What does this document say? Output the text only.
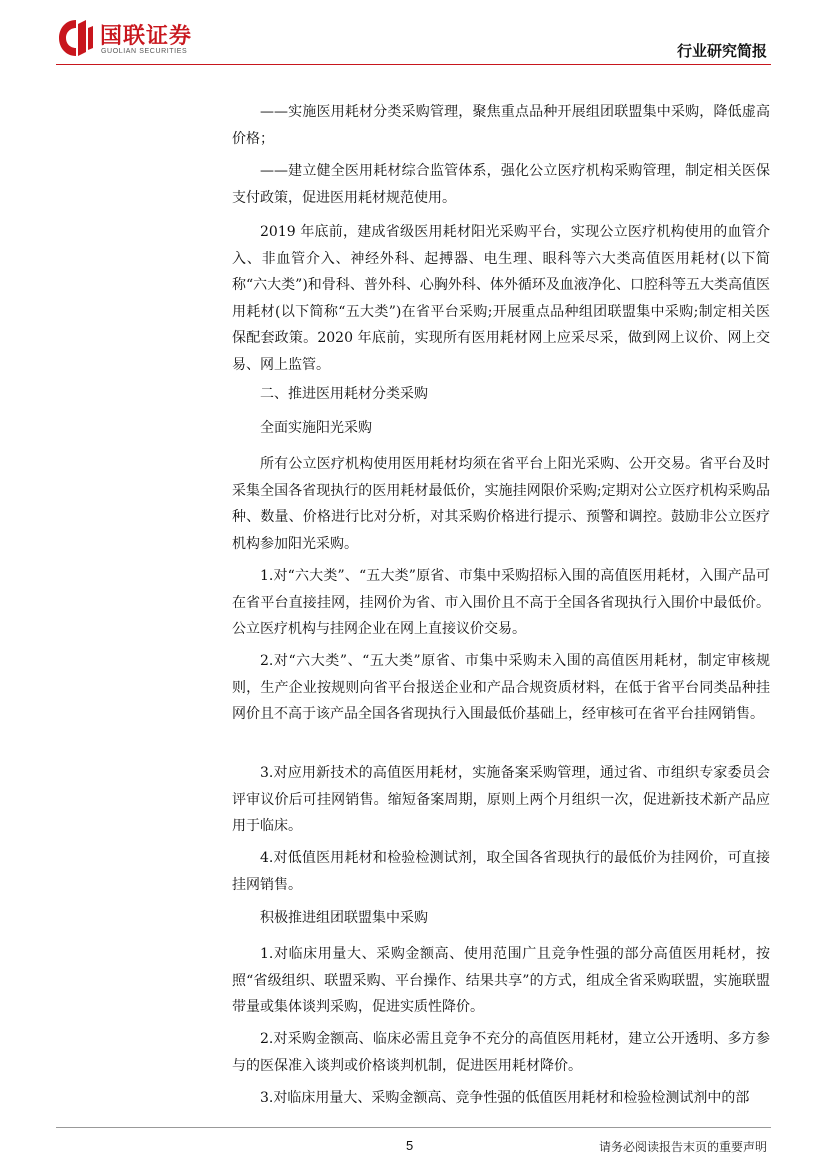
国联证券
GUOLIAN SECURITIES	行业研究简报

——实施医用耗材分类采购管理，聚焦重点品种开展组团联盟集中采购，降低虚高价格；

——建立健全医用耗材综合监管体系，强化公立医疗机构采购管理，制定相关医保支付政策，促进医用耗材规范使用。

2019 年底前，建成省级医用耗材阳光采购平台，实现公立医疗机构使用的血管介入、非血管介入、神经外科、起搏器、电生理、眼科等六大类高值医用耗材(以下简称“六大类”)和骨科、普外科、心胸外科、体外循环及血液净化、口腔科等五大类高值医用耗材(以下简称“五大类”)在省平台采购;开展重点品种组团联盟集中采购;制定相关医保配套政策。2020 年底前，实现所有医用耗材网上应采尽采，做到网上议价、网上交易、网上监管。

二、推进医用耗材分类采购

全面实施阳光采购

所有公立医疗机构使用医用耗材均须在省平台上阳光采购、公开交易。省平台及时采集全国各省现执行的医用耗材最低价，实施挂网限价采购;定期对公立医疗机构采购品种、数量、价格进行比对分析，对其采购价格进行提示、预警和调控。鼓励非公立医疗机构参加阳光采购。

1.对“六大类”、“五大类”原省、市集中采购招标入围的高值医用耗材，入围产品可在省平台直接挂网，挂网价为省、市入围价且不高于全国各省现执行入围价中最低价。公立医疗机构与挂网企业在网上直接议价交易。

2.对“六大类”、“五大类”原省、市集中采购未入围的高值医用耗材，制定审核规则，生产企业按规则向省平台报送企业和产品合规资质材料，在低于省平台同类品种挂网价且不高于该产品全国各省现执行入围最低价基础上，经审核可在省平台挂网销售。

3.对应用新技术的高值医用耗材，实施备案采购管理，通过省、市组织专家委员会评审议价后可挂网销售。缩短备案周期，原则上两个月组织一次，促进新技术新产品应用于临床。

4.对低值医用耗材和检验检测试剂，取全国各省现执行的最低价为挂网价，可直接挂网销售。

积极推进组团联盟集中采购

1.对临床用量大、采购金额高、使用范围广且竞争性强的部分高值医用耗材，按照“省级组织、联盟采购、平台操作、结果共享”的方式，组成全省采购联盟，实施联盟带量或集体谈判采购，促进实质性降价。

2.对采购金额高、临床必需且竞争不充分的高值医用耗材，建立公开透明、多方参与的医保准入谈判或价格谈判机制，促进医用耗材降价。

3.对临床用量大、采购金额高、竞争性强的低值医用耗材和检验检测试剂中的部

5	请务必阅读报告末页的重要声明
